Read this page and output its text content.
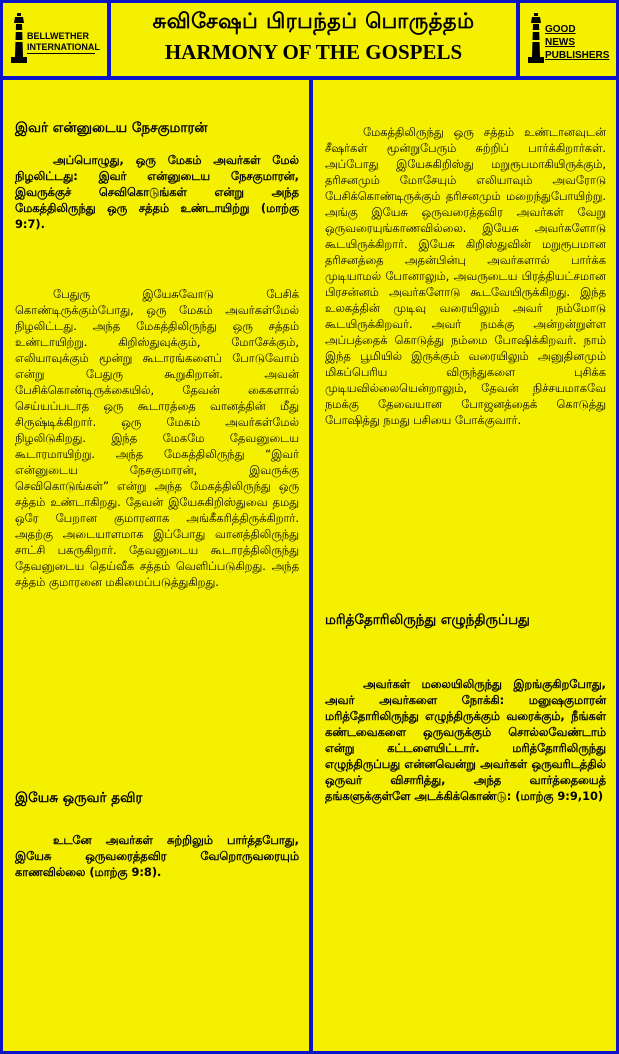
BELLWETHER INTERNATIONAL
சுவிசேஷப் பிரபந்தப் பொருத்தம்
HARMONY OF THE GOSPELS
GOOD NEWS PUBLISHERS
இவர் என்னுடைய நேசகுமாரன்

அப்பொழுது, ஒரு மேகம் அவர்கள் மேல் நிழலிட்டது: இவர் என்னுடைய நேசகுமாரன், இவருக்குச் செவிகொடுங்கள் என்று அந்த மேகத்திலிருந்து ஒரு சத்தம் உண்டாயிற்று (மாற்கு 9:7).

பேதுரு இயேசுவோடு பேசிக் கொண்டிருக்கும்போது, ஒரு மேகம் அவர்கள்மேல் நிழலிட்டது. அந்த மேகத்திலிருந்து ஒரு சத்தம் உண்டாயிற்று. கிறிஸ்துவுக்கும், மோசேக்கும், எலியாவுக்கும் மூன்று கூடாரங்களைப் போடுவோம் என்று பேதுரு கூறுகிறான். அவன் பேசிக்கொண்டிருக்கையில், தேவன் கைகளால் செய்யப்படாத ஒரு கூடாரத்தை வானத்தின் மீது சிருஷ்டிக்கிறார். ஒரு மேகம் அவர்கள்மேல் நிழலிடுகிறது. இந்த மேகமே தேவனுடைய கூடாரமாயிற்று. அந்த மேகத்திலிருந்து “இவர் என்னுடைய நேசகுமாரன், இவருக்கு செவிகொடுங்கள்” என்று அந்த மேகத்திலிருந்து ஒரு சத்தம் உண்டாகிறது. தேவன் இயேசுகிறிஸ்துவை தமது ஒரே பேறான குமாரனாக அங்கீகரித்திருக்கிறார். அதற்கு அடையாளமாக இப்போது வானத்திலிருந்து சாட்சி பகருகிறார். தேவனுடைய கூடாரத்திலிருந்து தேவனுடைய தெய்வீக சத்தம் வெளிப்படுகிறது. அந்த சத்தம் குமாரனை மகிமைப்படுத்துகிறது.

இயேசு ஒருவர் தவிர

உடனே அவர்கள் சுற்றிலும் பார்த்தபோது, இயேசு ஒருவரைத்தவிர வேறொருவரையும் காணவில்லை (மாற்கு 9:8).

மேகத்திலிருந்து ஒரு சத்தம் உண்டானவுடன் சீஷர்கள் மூன்றுபேரும் சுற்றிப் பார்க்கிறார்கள். அப்போது இயேசுகிறிஸ்து மறுரூபமாகியிருக்கும், தரிசனமும் மோசேயும் எலியாவும் அவரோடு பேசிக்கொண்டிருக்கும் தரிசனமும் மறைந்துபோயிற்று. அங்கு இயேசு ஒருவரைத்தவிர அவர்கள் வேறு ஒருவரையுங்காணவில்லை. இயேசு அவர்களோடு கூடயிருக்கிறார். இயேசு கிறிஸ்துவின் மறுரூபமான தரிசனத்தை அதன்பின்பு அவர்களால் பார்க்க முடியாமல் போனாலும், அவருடைய பிரத்தியட்சமான பிரசன்னம் அவர்களோடு கூடவேயிருக்கிறது. இந்த உலகத்தின் முடிவு வரையிலும் அவர் நம்மோடு கூடயிருக்கிறவர். அவர் நமக்கு அன்றன்றுள்ள அப்பத்தைக் கொடுத்து நம்மை போஷிக்கிறவர். நாம் இந்த பூமியில் இருக்கும் வரையிலும் அனுதினமும் மிகப்பெரிய விருந்துகளை புசிக்க முடியவில்லையென்றாலும், தேவன் நிச்சயமாகவே நமக்கு தேவையான போஜனத்தைக் கொடுத்து போஷித்து நமது பசியை போக்குவார்.

மரித்தோரிலிருந்து எழுந்திருப்பது

அவர்கள் மலையிலிருந்து இறங்குகிறபோது, அவர் அவர்களை நோக்கி: மனுஷகுமாரன் மரித்தோரிலிருந்து எழுந்திருக்கும் வரைக்கும், நீங்கள் கண்டவைகளை ஒருவருக்கும் சொல்லவேண்டாம் என்று கட்டளையிட்டார். மரித்தோரிலிருந்து எழுந்திருப்பது என்னவென்று அவர்கள் ஒருவரிடத்தில் ஒருவர் விசாரித்து, அந்த வார்த்தையைத் தங்களுக்குள்ளே அடக்கிக்கொண்டு: (மாற்கு 9:9,10)
